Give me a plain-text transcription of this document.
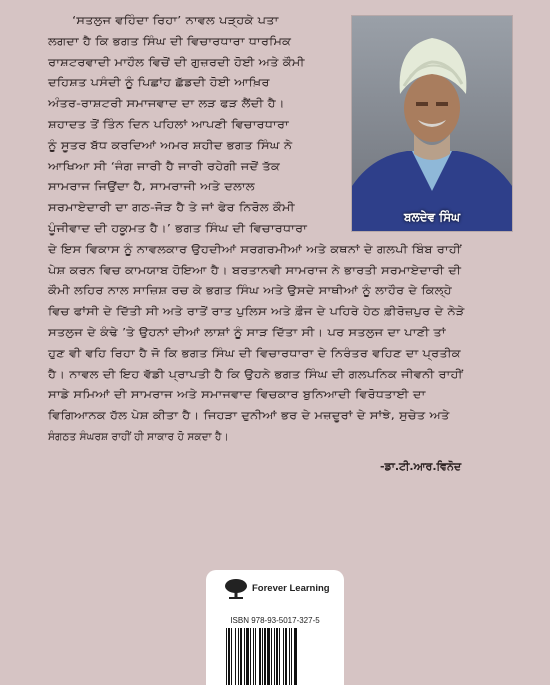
‘ਸਤਲੁਜ ਵਹਿੰਦਾ ਰਿਹਾ’ ਨਾਵਲ ਪੜ੍ਹਕੇ ਪਤਾ
ਲਗਦਾ ਹੈ ਕਿ ਭਗਤ ਸਿੰਘ ਦੀ ਵਿਚਾਰਧਾਰਾ ਧਾਰਮਿਕ
ਰਾਸ਼ਟਰਵਾਦੀ ਮਾਹੌਲ ਵਿਚੋਂ ਦੀ ਗੁਜ਼ਰਦੀ ਹੋਈ ਅਤੇ ਕੌਮੀ
ਦਹਿਸ਼ਤ ਪਸੰਦੀ ਨੂੰ ਪਿਛਾਂਹ ਛੱਡਦੀ ਹੋਈ ਆਖ਼ਿਰ
ਅੰਤਰ-ਰਾਸ਼ਟਰੀ ਸਮਾਜਵਾਦ ਦਾ ਲੜ ਫੜ ਲੈਂਦੀ ਹੈ।
ਸ਼ਹਾਦਤ ਤੋਂ ਤਿੰਨ ਦਿਨ ਪਹਿਲਾਂ ਆਪਣੀ ਵਿਚਾਰਧਾਰਾ
ਨੂੰ ਸੂਤਰ ਬੱਧ ਕਰਦਿਆਂ ਅਮਰ ਸ਼ਹੀਦ ਭਗਤ ਸਿੰਘ ਨੇ
ਆਖਿਆ ਸੀ ‘ਜੰਗ ਜਾਰੀ ਹੈ ਜਾਰੀ ਰਹੇਗੀ ਜਦੋਂ ਤੱਕ
ਸਾਮਰਾਜ ਜਿਉਂਦਾ ਹੈ, ਸਾਮਰਾਜੀ ਅਤੇ ਦਲਾਲ
ਸਰਮਾਏਦਾਰੀ ਦਾ ਗਠ-ਜੋੜ ਹੈ ਤੇ ਜਾਂ ਫੇਰ ਨਿਰੋਲ ਕੌਮੀ
ਪੂੰਜੀਵਾਦ ਦੀ ਹਕੂਮਤ ਹੈ।’ ਭਗਤ ਸਿੰਘ ਦੀ ਵਿਚਾਰਧਾਰਾ
ਦੇ ਇਸ ਵਿਕਾਸ ਨੂੰ ਨਾਵਲਕਾਰ ਉਹਦੀਆਂ ਸਰਗਰਮੀਆਂ ਅਤੇ ਕਥਨਾਂ ਦੇ ਗਲਪੀ ਬਿੰਬ ਰਾਹੀਂ
ਪੇਸ਼ ਕਰਨ ਵਿਚ ਕਾਮਯਾਬ ਹੋਇਆ ਹੈ। ਬਰਤਾਨਵੀ ਸਾਮਰਾਜ ਨੇ ਭਾਰਤੀ ਸਰਮਾਏਦਾਰੀ ਦੀ
ਕੌਮੀ ਲਹਿਰ ਨਾਲ ਸਾਜ਼ਿਸ਼ ਰਚ ਕੇ ਭਗਤ ਸਿੰਘ ਅਤੇ ਉਸਦੇ ਸਾਥੀਆਂ ਨੂੰ ਲਾਹੌਰ ਦੇ ਕਿਲ੍ਹੇ
ਵਿਚ ਫਾਂਸੀ ਦੇ ਦਿੱਤੀ ਸੀ ਅਤੇ ਰਾਤੋਂ ਰਾਤ ਪੁਲਿਸ ਅਤੇ ਫ਼ੌਜ ਦੇ ਪਹਿਰੇ ਹੇਠ ਫ਼ੀਰੋਜ਼ਪੁਰ ਦੇ ਨੇੜੇ
ਸਤਲੁਜ ਦੇ ਕੰਢੇ ’ਤੇ ਉਹਨਾਂ ਦੀਆਂ ਲਾਸ਼ਾਂ ਨੂੰ ਸਾੜ ਦਿੱਤਾ ਸੀ। ਪਰ ਸਤਲੁਜ ਦਾ ਪਾਣੀ ਤਾਂ
ਹੁਣ ਵੀ ਵਹਿ ਰਿਹਾ ਹੈ ਜੋ ਕਿ ਭਗਤ ਸਿੰਘ ਦੀ ਵਿਚਾਰਧਾਰਾ ਦੇ ਨਿਰੰਤਰ ਵਹਿਣ ਦਾ ਪ੍ਰਤੀਕ
ਹੈ। ਨਾਵਲ ਦੀ ਇਹ ਵੱਡੀ ਪ੍ਰਾਪਤੀ ਹੈ ਕਿ ਉਹਨੇ ਭਗਤ ਸਿੰਘ ਦੀ ਗਲਪਨਿਕ ਜੀਵਨੀ ਰਾਹੀਂ
ਸਾਡੇ ਸਮਿਆਂ ਦੀ ਸਾਮਰਾਜ ਅਤੇ ਸਮਾਜਵਾਦ ਵਿਚਕਾਰ ਬੁਨਿਆਦੀ ਵਿਰੋਧਤਾਈ ਦਾ
ਵਿਗਿਆਨਕ ਹੱਲ ਪੇਸ਼ ਕੀਤਾ ਹੈ। ਜਿਹੜਾ ਦੁਨੀਆਂ ਭਰ ਦੇ ਮਜ਼ਦੂਰਾਂ ਦੇ ਸਾਂਝੇ, ਸੁਚੇਤ ਅਤੇ
ਸੰਗਠਤ ਸੰਘਰਸ਼ ਰਾਹੀਂ ਹੀ ਸਾਕਾਰ ਹੋ ਸਕਦਾ ਹੈ।
ਬਲਦੇਵ ਸਿੰਘ
-ਡਾ.ਟੀ.ਆਰ.ਵਿਨੋਦ
Forever Learning
ISBN 978-93-5017-327-5
